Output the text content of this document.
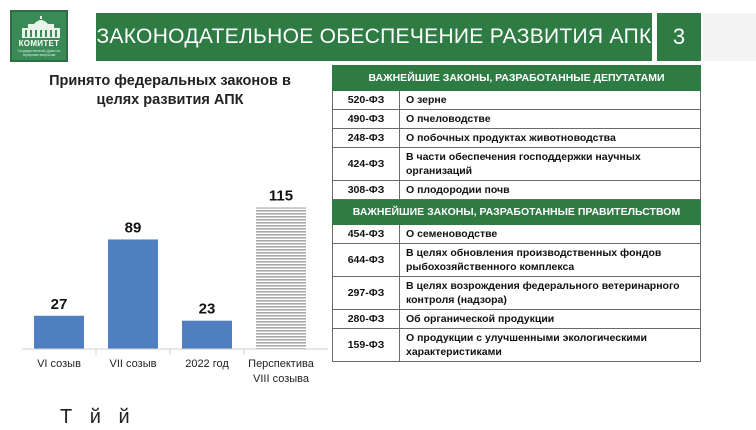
КОМИТЕТ
Государственной Думы по аграрным вопросам
ЗАКОНОДАТЕЛЬНОЕ ОБЕСПЕЧЕНИЕ РАЗВИТИЯ АПК 3
Принято федеральных законов в целях развития АПК
27
VI созыв
89
VII созыв
23
2022 год
115
Перспектива
VIII созыва
ВАЖНЕЙШИЕ ЗАКОНЫ, РАЗРАБОТАННЫЕ ДЕПУТАТАМИ	
520-ФЗ	О зерне
490-ФЗ	О пчеловодстве
248-ФЗ	О побочных продуктах животноводства
424-ФЗ	В части обеспечения господдержки научных организаций
308-ФЗ	О плодородии почв
ВАЖНЕЙШИЕ ЗАКОНЫ, РАЗРАБОТАННЫЕ ПРАВИТЕЛЬСТВОМ	
454-ФЗ	О семеноводстве
644-ФЗ	В целях обновления производственных фондов рыбохозяйственного комплекса
297-ФЗ	В целях возрождения федерального ветеринарного контроля (надзора)
280-ФЗ	Об органической продукции
159-ФЗ	О продукции с улучшенными экологическими характеристиками
Т й й
